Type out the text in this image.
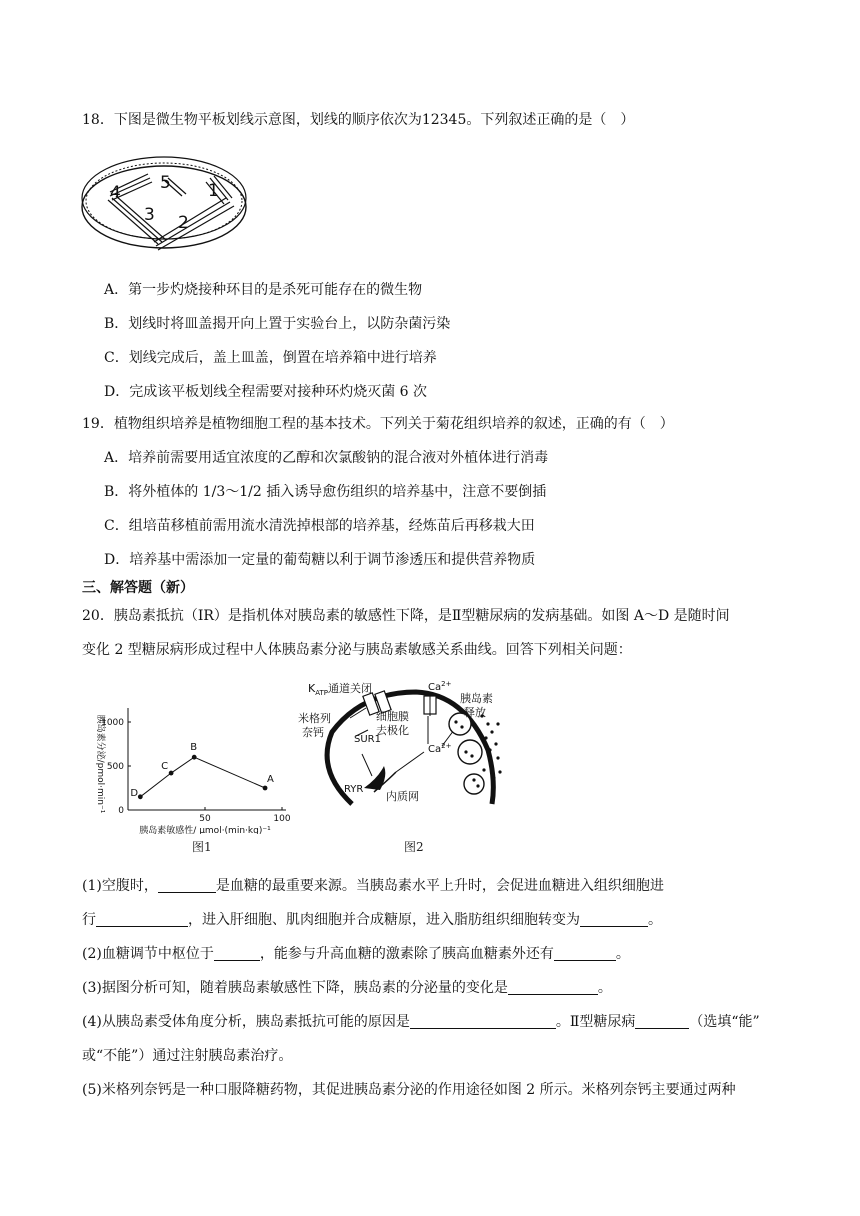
18．下图是微生物平板划线示意图，划线的顺序依次为12345。下列叙述正确的是（　）
4 5 1
3 2
A．第一步灼烧接种环目的是杀死可能存在的微生物
B．划线时将皿盖揭开向上置于实验台上，以防杂菌污染
C．划线完成后，盖上皿盖，倒置在培养箱中进行培养
D．完成该平板划线全程需要对接种环灼烧灭菌 6 次
19．植物组织培养是植物细胞工程的基本技术。下列关于菊花组织培养的叙述，正确的有（　）
A．培养前需要用适宜浓度的乙醇和次氯酸钠的混合液对外植体进行消毒
B．将外植体的 1/3～1/2 插入诱导愈伤组织的培养基中，注意不要倒插
C．组培苗移植前需用流水清洗掉根部的培养基，经炼苗后再移栽大田
D．培养基中需添加一定量的葡萄糖以利于调节渗透压和提供营养物质
三、解答题（新）
20．胰岛素抵抗（IR）是指机体对胰岛素的敏感性下降，是Ⅱ型糖尿病的发病基础。如图 A～D 是随时间
变化 2 型糖尿病形成过程中人体胰岛素分泌与胰岛素敏感关系曲线。回答下列相关问题：
50	100
1000
500
0
胰岛素敏感性/ μmol·(min·kg)⁻¹
胰岛素分泌/pmol·min⁻¹	D
C
B
A
图1
$K_{ATP}$通道关闭	$Ca^{2+}$
细胞膜
去极化
米格列
奈钙
SUR1
$Ca^{2+}$
RYR
内质网
胰岛素
释放
图2
(1)空腹时，	是血糖的最重要来源。当胰岛素水平上升时，会促进血糖进入组织细胞进
行	，进入肝细胞、肌肉细胞并合成糖原，进入脂肪组织细胞转变为	。
(2)血糖调节中枢位于	，能参与升高血糖的激素除了胰高血糖素外还有	。
(3)据图分析可知，随着胰岛素敏感性下降，胰岛素的分泌量的变化是	。
(4)从胰岛素受体角度分析，胰岛素抵抗可能的原因是	。Ⅱ型糖尿病	（选填“能”
或“不能”）通过注射胰岛素治疗。
(5)米格列奈钙是一种口服降糖药物，其促进胰岛素分泌的作用途径如图 2 所示。米格列奈钙主要通过两种
